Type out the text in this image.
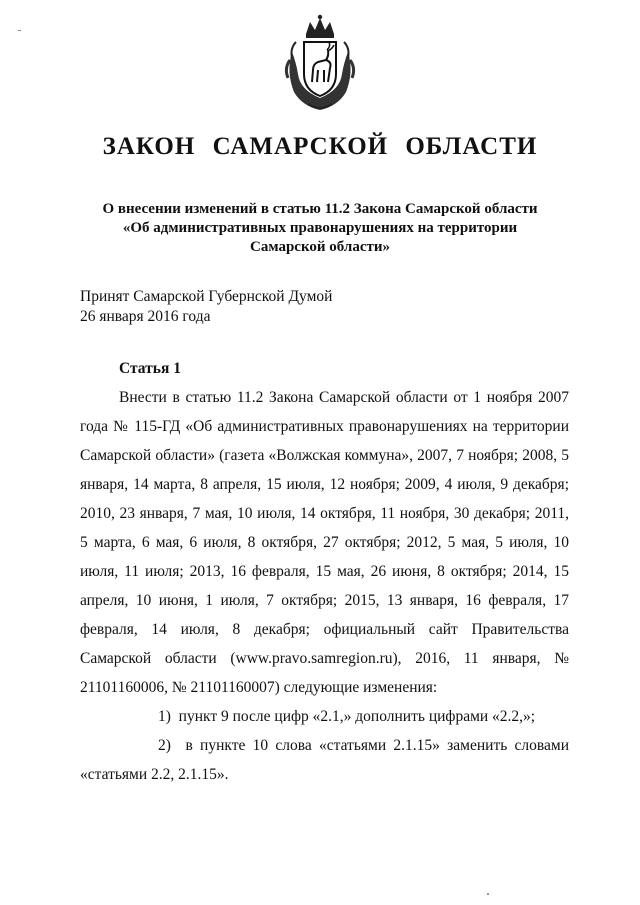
ЗАКОН САМАРСКОЙ ОБЛАСТИ
О внесении изменений в статью 11.2 Закона Самарской области
«Об административных правонарушениях на территории
Самарской области»
Принят Самарской Губернской Думой
26 января 2016 года
Статья 1

Внести в статью 11.2 Закона Самарской области от 1 ноября 2007 года № 115-ГД «Об административных правонарушениях на территории Самарской области» (газета «Волжская коммуна», 2007, 7 ноября; 2008, 5 января, 14 марта, 8 апреля, 15 июля, 12 ноября; 2009, 4 июля, 9 декабря; 2010, 23 января, 7 мая, 10 июля, 14 октября, 11 ноября, 30 декабря; 2011, 5 марта, 6 мая, 6 июля, 8 октября, 27 октября; 2012, 5 мая, 5 июля, 10 июля, 11 июля; 2013, 16 февраля, 15 мая, 26 июня, 8 октября; 2014, 15 апреля, 10 июня, 1 июля, 7 октября; 2015, 13 января, 16 февраля, 17 февраля, 14 июля, 8 декабря; официальный сайт Правительства Самарской области (www.pravo.samregion.ru), 2016, 11 января, № 21101160006, № 21101160007) следующие изменения:

1) пункт 9 после цифр «2.1,» дополнить цифрами «2.2,»;

2) в пункте 10 слова «статьями 2.1.15» заменить словами «статьями 2.2, 2.1.15».
